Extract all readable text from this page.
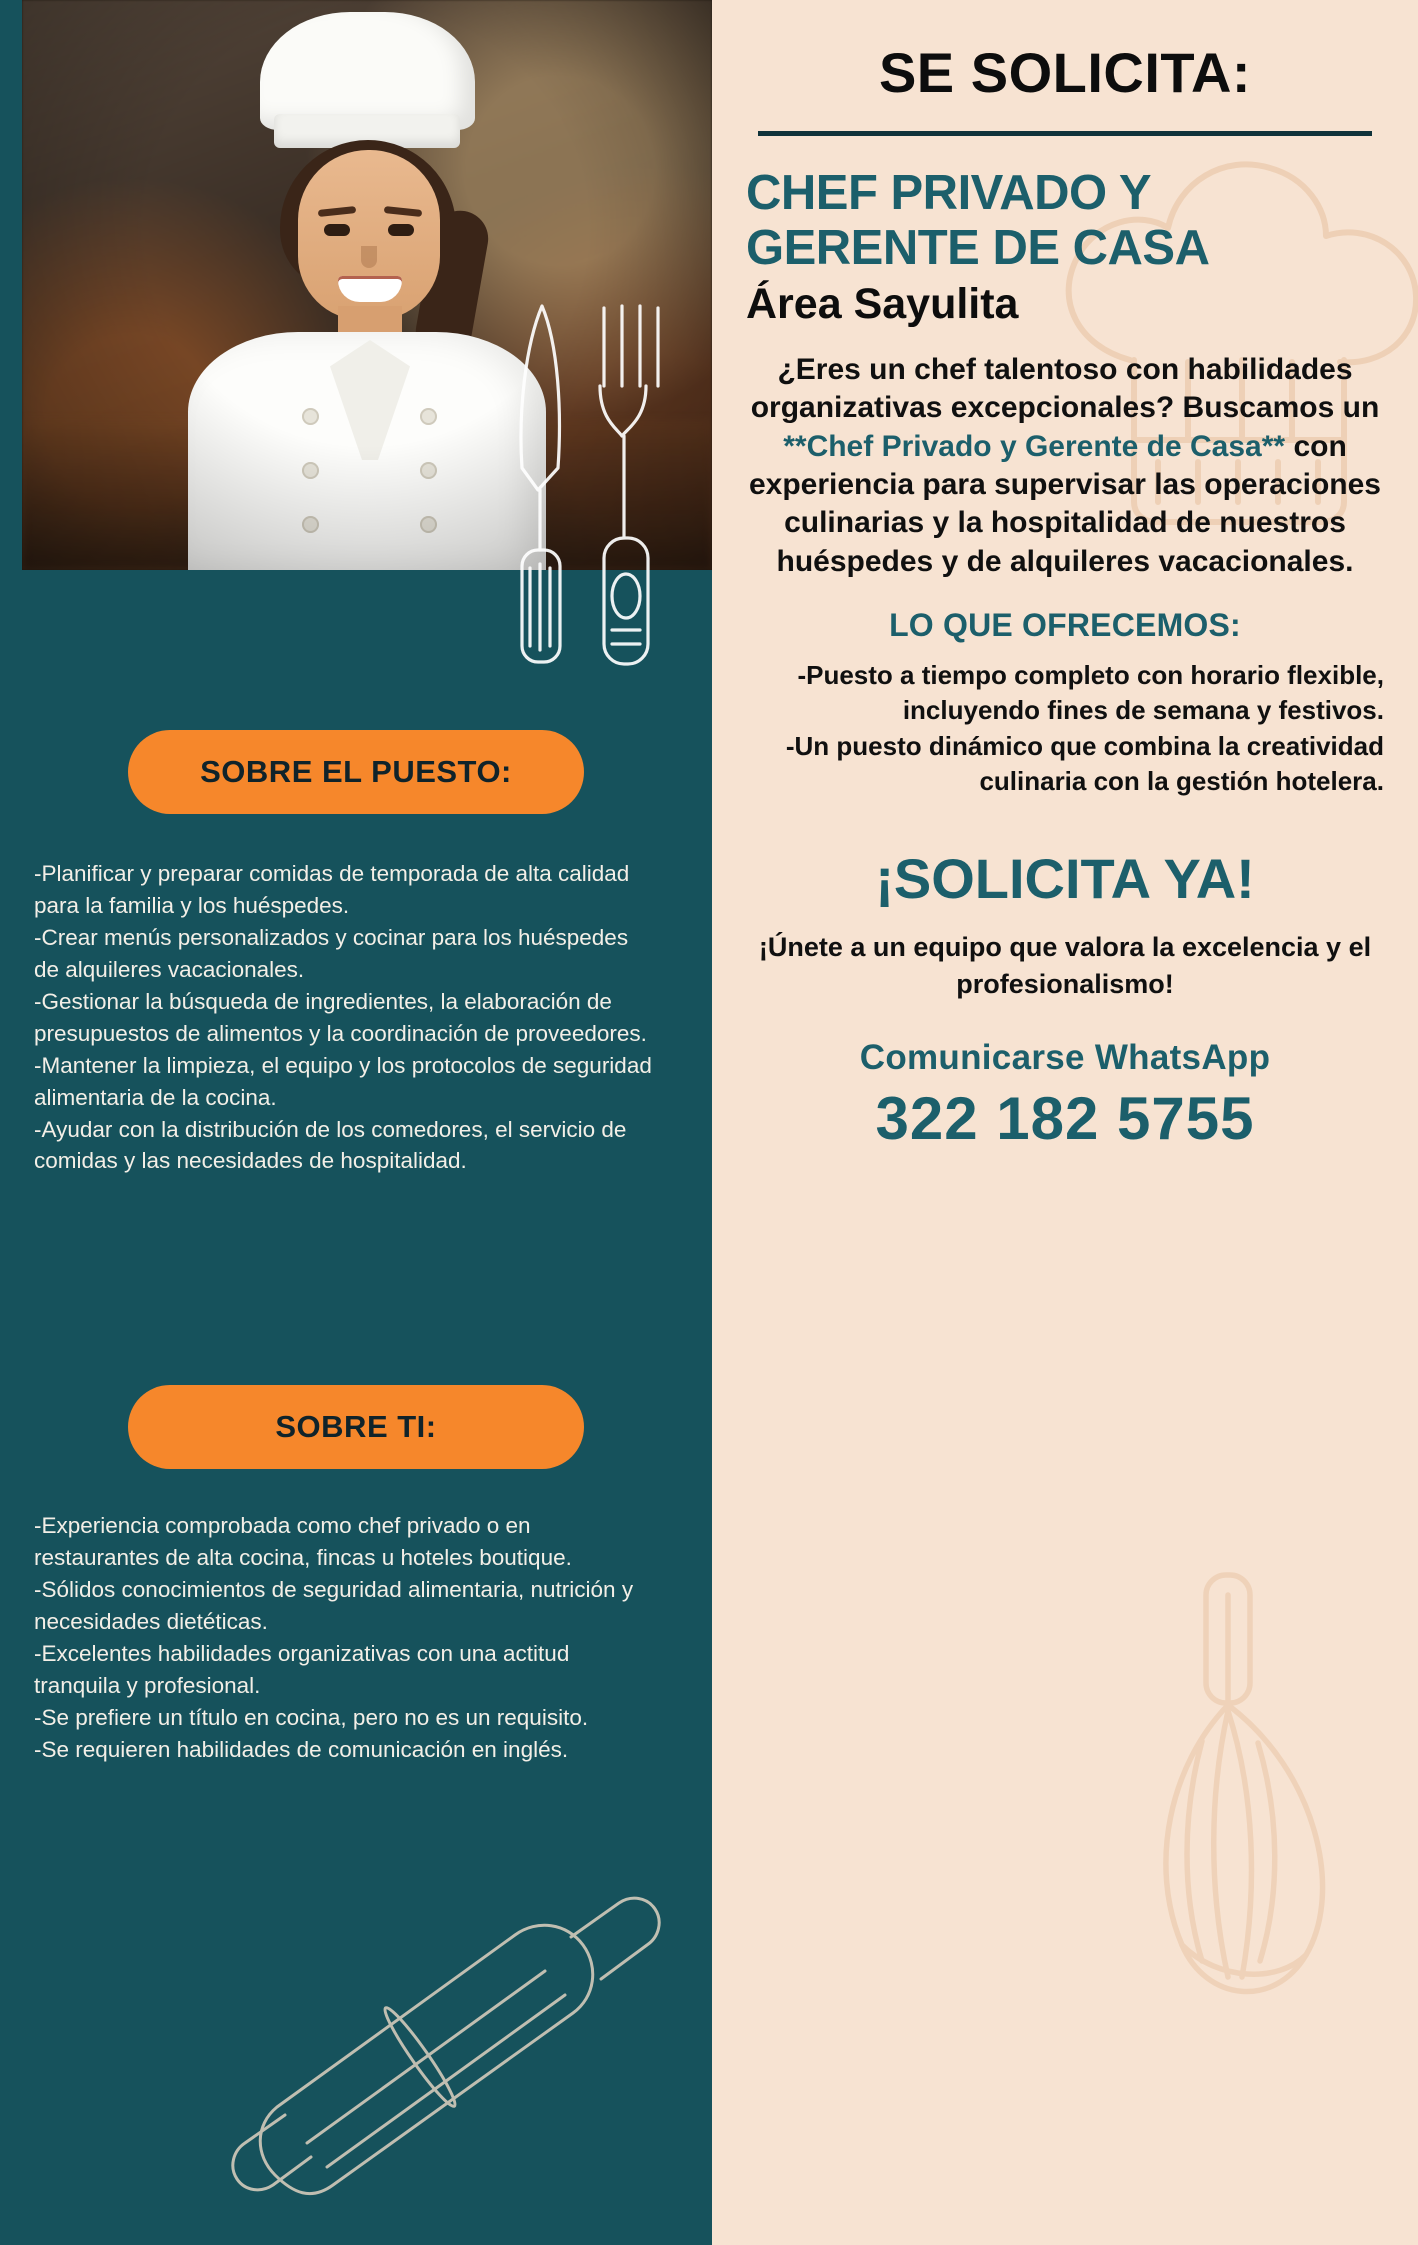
SOBRE EL PUESTO:

-Planificar y preparar comidas de temporada de alta calidad para la familia y los huéspedes.

-Crear menús personalizados y cocinar para los huéspedes de alquileres vacacionales.

-Gestionar la búsqueda de ingredientes, la elaboración de presupuestos de alimentos y la coordinación de proveedores.

-Mantener la limpieza, el equipo y los protocolos de seguridad alimentaria de la cocina.

-Ayudar con la distribución de los comedores, el servicio de comidas y las necesidades de hospitalidad.

SOBRE TI:

-Experiencia comprobada como chef privado o en restaurantes de alta cocina, fincas u hoteles boutique.

-Sólidos conocimientos de seguridad alimentaria, nutrición y necesidades dietéticas.

-Excelentes habilidades organizativas con una actitud tranquila y profesional.

-Se prefiere un título en cocina, pero no es un requisito.

-Se requieren habilidades de comunicación en inglés.

SE SOLICITA:
CHEF PRIVADO Y GERENTE DE CASA
Área Sayulita
¿Eres un chef talentoso con habilidades organizativas excepcionales? Buscamos un **Chef Privado y Gerente de Casa** con experiencia para supervisar las operaciones culinarias y la hospitalidad de nuestros huéspedes y de alquileres vacacionales.
LO QUE OFRECEMOS:

-Puesto a tiempo completo con horario flexible, incluyendo fines de semana y festivos.

-Un puesto dinámico que combina la creatividad culinaria con la gestión hotelera.

¡SOLICITA YA!
¡Únete a un equipo que valora la excelencia y el profesionalismo!
Comunicarse WhatsApp
322 182 5755
